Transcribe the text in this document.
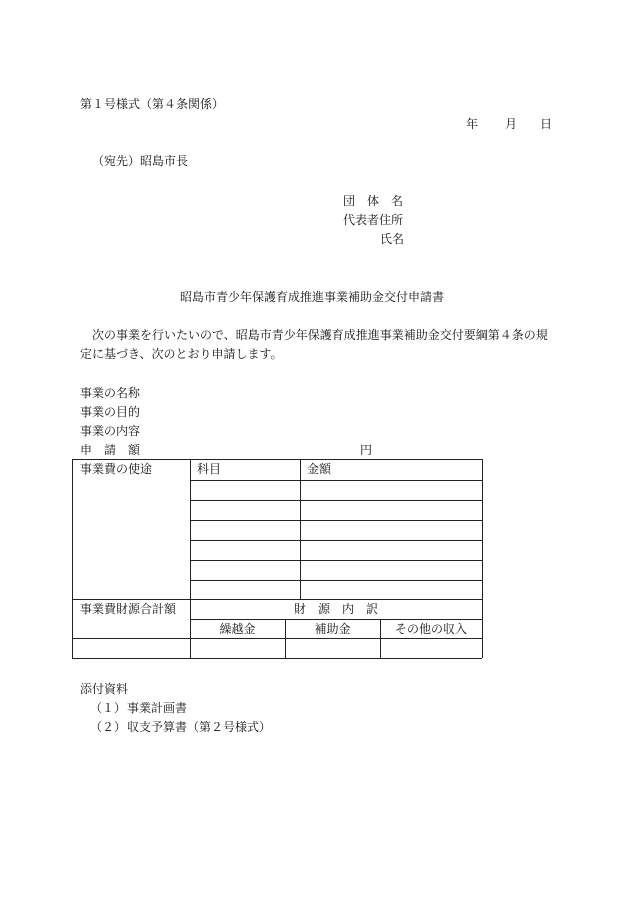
第１号様式（第４条関係）
年 月 日
（宛先）昭島市長
団　体　名
代表者住所
氏名
昭島市青少年保護育成推進事業補助金交付申請書
次の事業を行いたいので、昭島市青少年保護育成推進事業補助金交付要綱第４条の規定に基づき、次のとおり申請します。
事業の名称
事業の目的
事業の内容
申　請　額	円
事業費の使途	科目	金額
事業費財源合計額	財　源　内　訳
繰越金	補助金	その他の収入
添付資料
（１） 事業計画書
（２） 収支予算書（第２号様式）
